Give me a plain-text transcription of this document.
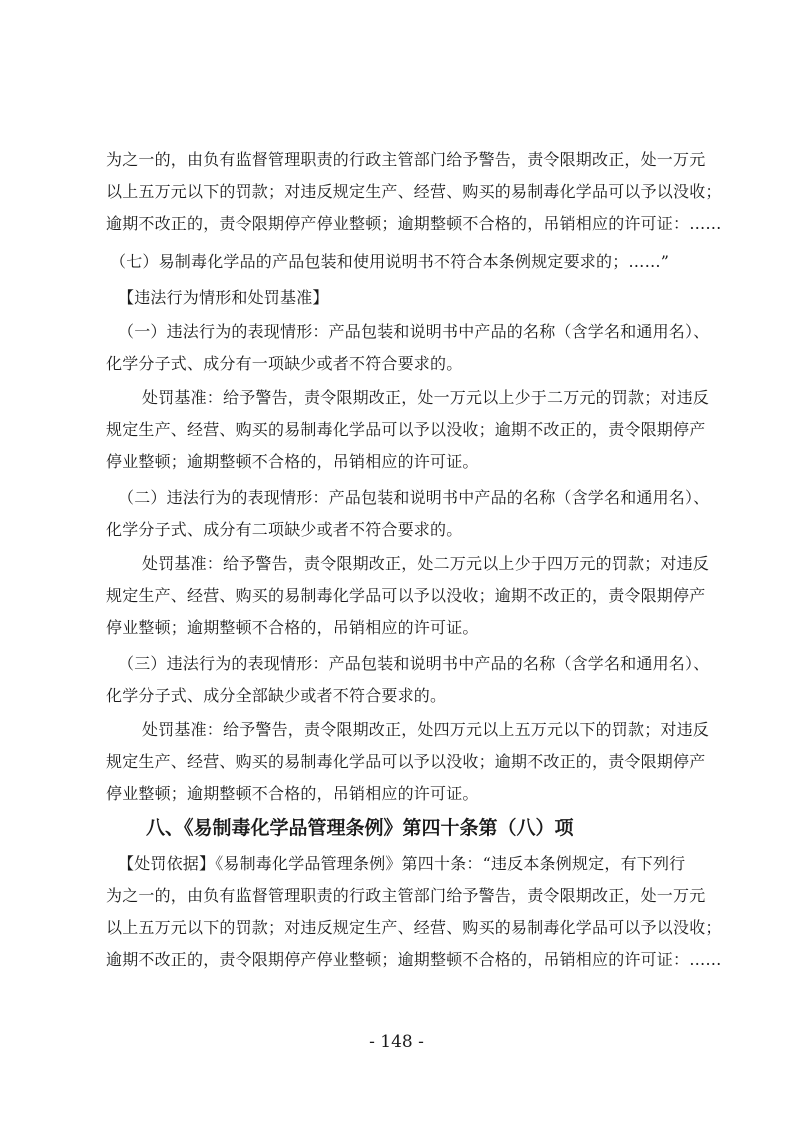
为之一的，由负有监督管理职责的行政主管部门给予警告，责令限期改正，处一万元
以上五万元以下的罚款；对违反规定生产、经营、购买的易制毒化学品可以予以没收；
逾期不改正的，责令限期停产停业整顿；逾期整顿不合格的，吊销相应的许可证：……
（七）易制毒化学品的产品包装和使用说明书不符合本条例规定要求的；……”
【违法行为情形和处罚基准】
（一）违法行为的表现情形：产品包装和说明书中产品的名称（含学名和通用名）、
化学分子式、成分有一项缺少或者不符合要求的。
处罚基准：给予警告，责令限期改正，处一万元以上少于二万元的罚款；对违反
规定生产、经营、购买的易制毒化学品可以予以没收；逾期不改正的，责令限期停产
停业整顿；逾期整顿不合格的，吊销相应的许可证。
（二）违法行为的表现情形：产品包装和说明书中产品的名称（含学名和通用名）、
化学分子式、成分有二项缺少或者不符合要求的。
处罚基准：给予警告，责令限期改正，处二万元以上少于四万元的罚款；对违反
规定生产、经营、购买的易制毒化学品可以予以没收；逾期不改正的，责令限期停产
停业整顿；逾期整顿不合格的，吊销相应的许可证。
（三）违法行为的表现情形：产品包装和说明书中产品的名称（含学名和通用名）、
化学分子式、成分全部缺少或者不符合要求的。
处罚基准：给予警告，责令限期改正，处四万元以上五万元以下的罚款；对违反
规定生产、经营、购买的易制毒化学品可以予以没收；逾期不改正的，责令限期停产
停业整顿；逾期整顿不合格的，吊销相应的许可证。
八、《易制毒化学品管理条例》第四十条第（八）项
【处罚依据】《易制毒化学品管理条例》第四十条：“违反本条例规定，有下列行
为之一的，由负有监督管理职责的行政主管部门给予警告，责令限期改正，处一万元
以上五万元以下的罚款；对违反规定生产、经营、购买的易制毒化学品可以予以没收；
逾期不改正的，责令限期停产停业整顿；逾期整顿不合格的，吊销相应的许可证：……
- 148 -
